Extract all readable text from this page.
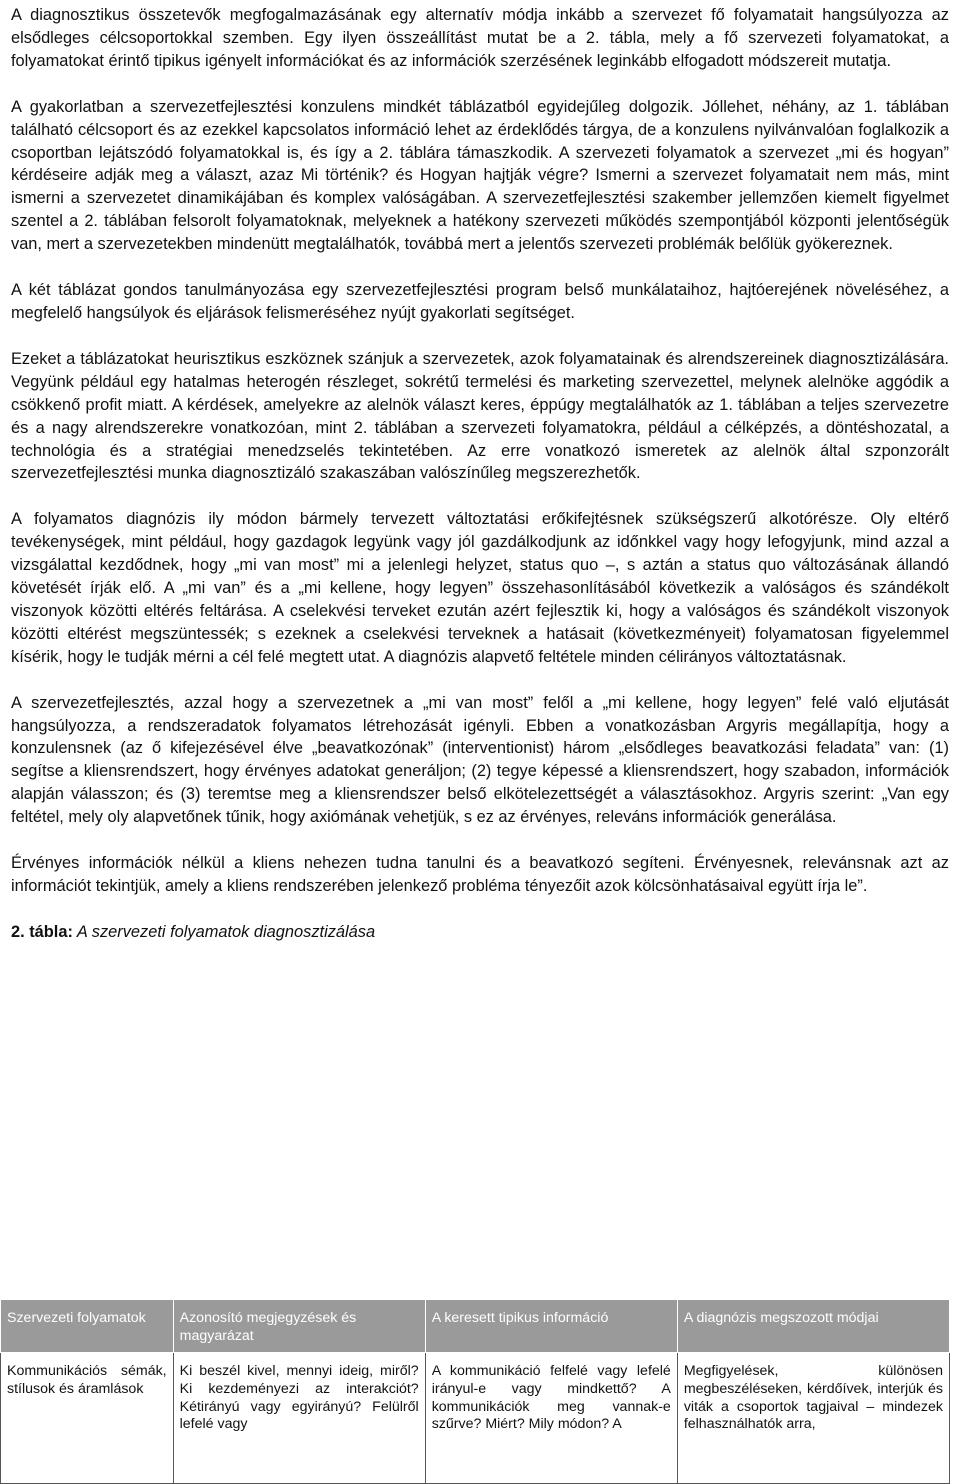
A diagnosztikus összetevők megfogalmazásának egy alternatív módja inkább a szervezet fő folyamatait hangsúlyozza az elsődleges célcsoportokkal szemben. Egy ilyen összeállítást mutat be a 2. tábla, mely a fő szervezeti folyamatokat, a folyamatokat érintő tipikus igényelt információkat és az információk szerzésének leginkább elfogadott módszereit mutatja.

A gyakorlatban a szervezetfejlesztési konzulens mindkét táblázatból egyidejűleg dolgozik. Jóllehet, néhány, az 1. táblában található célcsoport és az ezekkel kapcsolatos információ lehet az érdeklődés tárgya, de a konzulens nyilvánvalóan foglalkozik a csoportban lejátszódó folyamatokkal is, és így a 2. táblára támaszkodik. A szervezeti folyamatok a szervezet „mi és hogyan” kérdéseire adják meg a választ, azaz Mi történik? és Hogyan hajtják végre? Ismerni a szervezet folyamatait nem más, mint ismerni a szervezetet dinamikájában és komplex valóságában. A szervezetfejlesztési szakember jellemzően kiemelt figyelmet szentel a 2. táblában felsorolt folyamatoknak, melyeknek a hatékony szervezeti működés szempontjából központi jelentőségük van, mert a szervezetekben mindenütt megtalálhatók, továbbá mert a jelentős szervezeti problémák belőlük gyökereznek.

A két táblázat gondos tanulmányozása egy szervezetfejlesztési program belső munkálataihoz, hajtóerejének növeléséhez, a megfelelő hangsúlyok és eljárások felismeréséhez nyújt gyakorlati segítséget.

Ezeket a táblázatokat heurisztikus eszköznek szánjuk a szervezetek, azok folyamatainak és alrendszereinek diagnosztizálására. Vegyünk például egy hatalmas heterogén részleget, sokrétű termelési és marketing szervezettel, melynek alelnöke aggódik a csökkenő profit miatt. A kérdések, amelyekre az alelnök választ keres, éppúgy megtalálhatók az 1. táblában a teljes szervezetre és a nagy alrendszerekre vonatkozóan, mint 2. táblában a szervezeti folyamatokra, például a célképzés, a döntéshozatal, a technológia és a stratégiai menedzselés tekintetében. Az erre vonatkozó ismeretek az alelnök által szponzorált szervezetfejlesztési munka diagnosztizáló szakaszában valószínűleg megszerezhetők.

A folyamatos diagnózis ily módon bármely tervezett változtatási erőkifejtésnek szükségszerű alkotórésze. Oly eltérő tevékenységek, mint például, hogy gazdagok legyünk vagy jól gazdálkodjunk az időnkkel vagy hogy lefogyjunk, mind azzal a vizsgálattal kezdődnek, hogy „mi van most” mi a jelenlegi helyzet, status quo –, s aztán a status quo változásának állandó követését írják elő. A „mi van” és a „mi kellene, hogy legyen” összehasonlításából következik a valóságos és szándékolt viszonyok közötti eltérés feltárása. A cselekvési terveket ezután azért fejlesztik ki, hogy a valóságos és szándékolt viszonyok közötti eltérést megszüntessék; s ezeknek a cselekvési terveknek a hatásait (következményeit) folyamatosan figyelemmel kísérik, hogy le tudják mérni a cél felé megtett utat. A diagnózis alapvető feltétele minden célirányos változtatásnak.

A szervezetfejlesztés, azzal hogy a szervezetnek a „mi van most” felől a „mi kellene, hogy legyen” felé való eljutását hangsúlyozza, a rendszeradatok folyamatos létrehozását igényli. Ebben a vonatkozásban Argyris megállapítja, hogy a konzulensnek (az ő kifejezésével élve „beavatkozónak” (interventionist) három „elsődleges beavatkozási feladata” van: (1) segítse a kliensrendszert, hogy érvényes adatokat generáljon; (2) tegye képessé a kliensrendszert, hogy szabadon, információk alapján válasszon; és (3) teremtse meg a kliensrendszer belső elkötelezettségét a választásokhoz. Argyris szerint: „Van egy feltétel, mely oly alapvetőnek tűnik, hogy axiómának vehetjük, s ez az érvényes, releváns információk generálása.

Érvényes információk nélkül a kliens nehezen tudna tanulni és a beavatkozó segíteni. Érvényesnek, relevánsnak azt az információt tekintjük, amely a kliens rendszerében jelenkező probléma tényezőit azok kölcsönhatásaival együtt írja le”.

2. tábla: A szervezeti folyamatok diagnosztizálása

Szervezeti folyamatok	Azonosító megjegyzések és magyarázat	A keresett tipikus információ	A diagnózis megszozott módjai
Kommunikációs sémák, stílusok és áramlások	Ki beszél kivel, mennyi ideig, miről? Ki kezdeményezi az interakciót? Kétirányú vagy egyirányú? Felülről lefelé vagy	A kommunikáció felfelé vagy lefelé irányul-e vagy mindkettő? A kommunikációk meg vannak-e szűrve? Miért? Mily módon? A	Megfigyelések, különösen megbeszéléseken, kérdőívek, interjúk és viták a csoportok tagjaival – mindezek felhasználhatók arra,
